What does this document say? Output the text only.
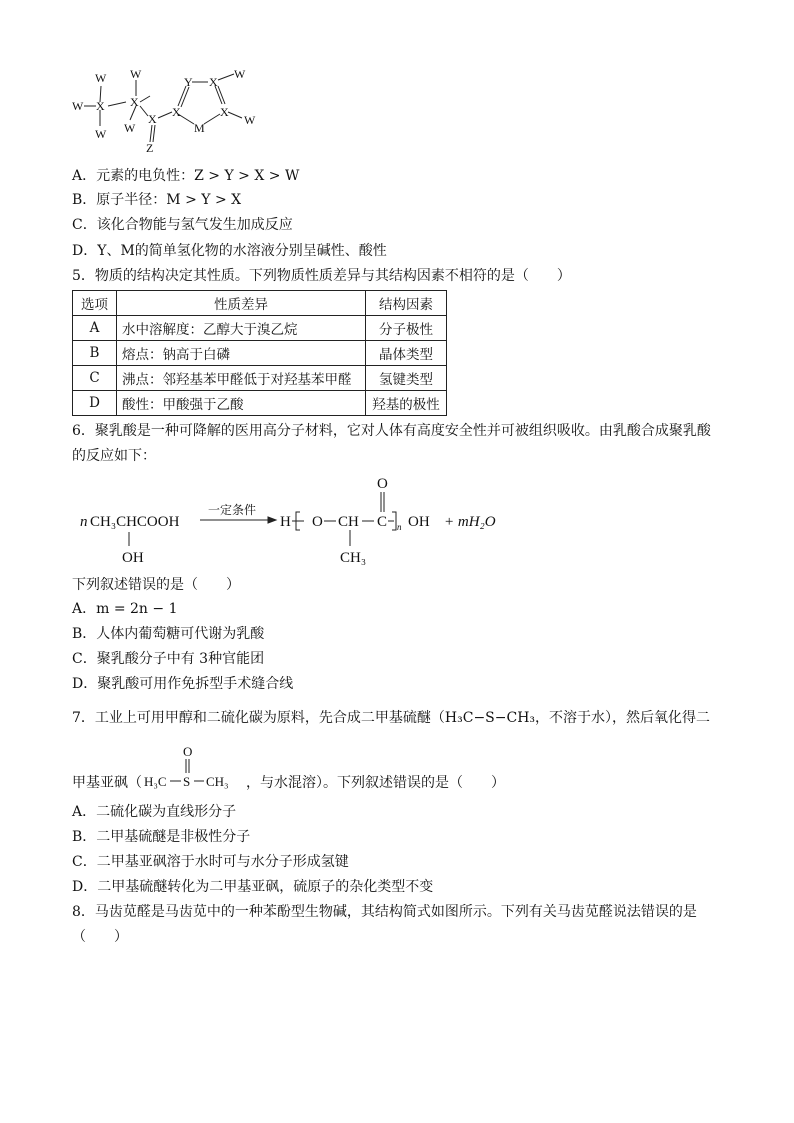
W
W
X
W
W
X
W
X
Z
X
Y X
M
X
W
W
A．元素的电负性：Z > Y > X > W
B．原子半径：M > Y > X
C．该化合物能与氢气发生加成反应
D．Y、M的简单氢化物的水溶液分别呈碱性、酸性
5．物质的结构决定其性质。下列物质性质差异与其结构因素不相符的是（　　）
选项	性质差异	结构因素
A	水中溶解度：乙醇大于溴乙烷	分子极性
B	熔点：钠高于白磷	晶体类型
C	沸点：邻羟基苯甲醛低于对羟基苯甲醛	氢键类型
D	酸性：甲酸强于乙酸	羟基的极性
6．聚乳酸是一种可降解的医用高分子材料，它对人体有高度安全性并可被组织吸收。由乳酸合成聚乳酸
的反应如下：
n CH₃CHCOOH
OH
一定条件
H O CH C
O
OH
CH₃
+ mH₂O
n
下列叙述错误的是（　　）
A．m = 2n − 1
B．人体内葡萄糖可代谢为乳酸
C．聚乳酸分子中有 3种官能团
D．聚乳酸可用作免拆型手术缝合线
7．工业上可用甲醇和二硫化碳为原料，先合成二甲基硫醚（H₃C−S−CH₃，不溶于水），然后氧化得二
甲基亚砜（ H₃C S
O
CH₃ ，与水混溶）。下列叙述错误的是（　　）
A．二硫化碳为直线形分子
B．二甲基硫醚是非极性分子
C．二甲基亚砜溶于水时可与水分子形成氢键
D．二甲基硫醚转化为二甲基亚砜，硫原子的杂化类型不变
8．马齿苋醛是马齿苋中的一种苯酚型生物碱，其结构简式如图所示。下列有关马齿苋醛说法错误的是
（　　）
